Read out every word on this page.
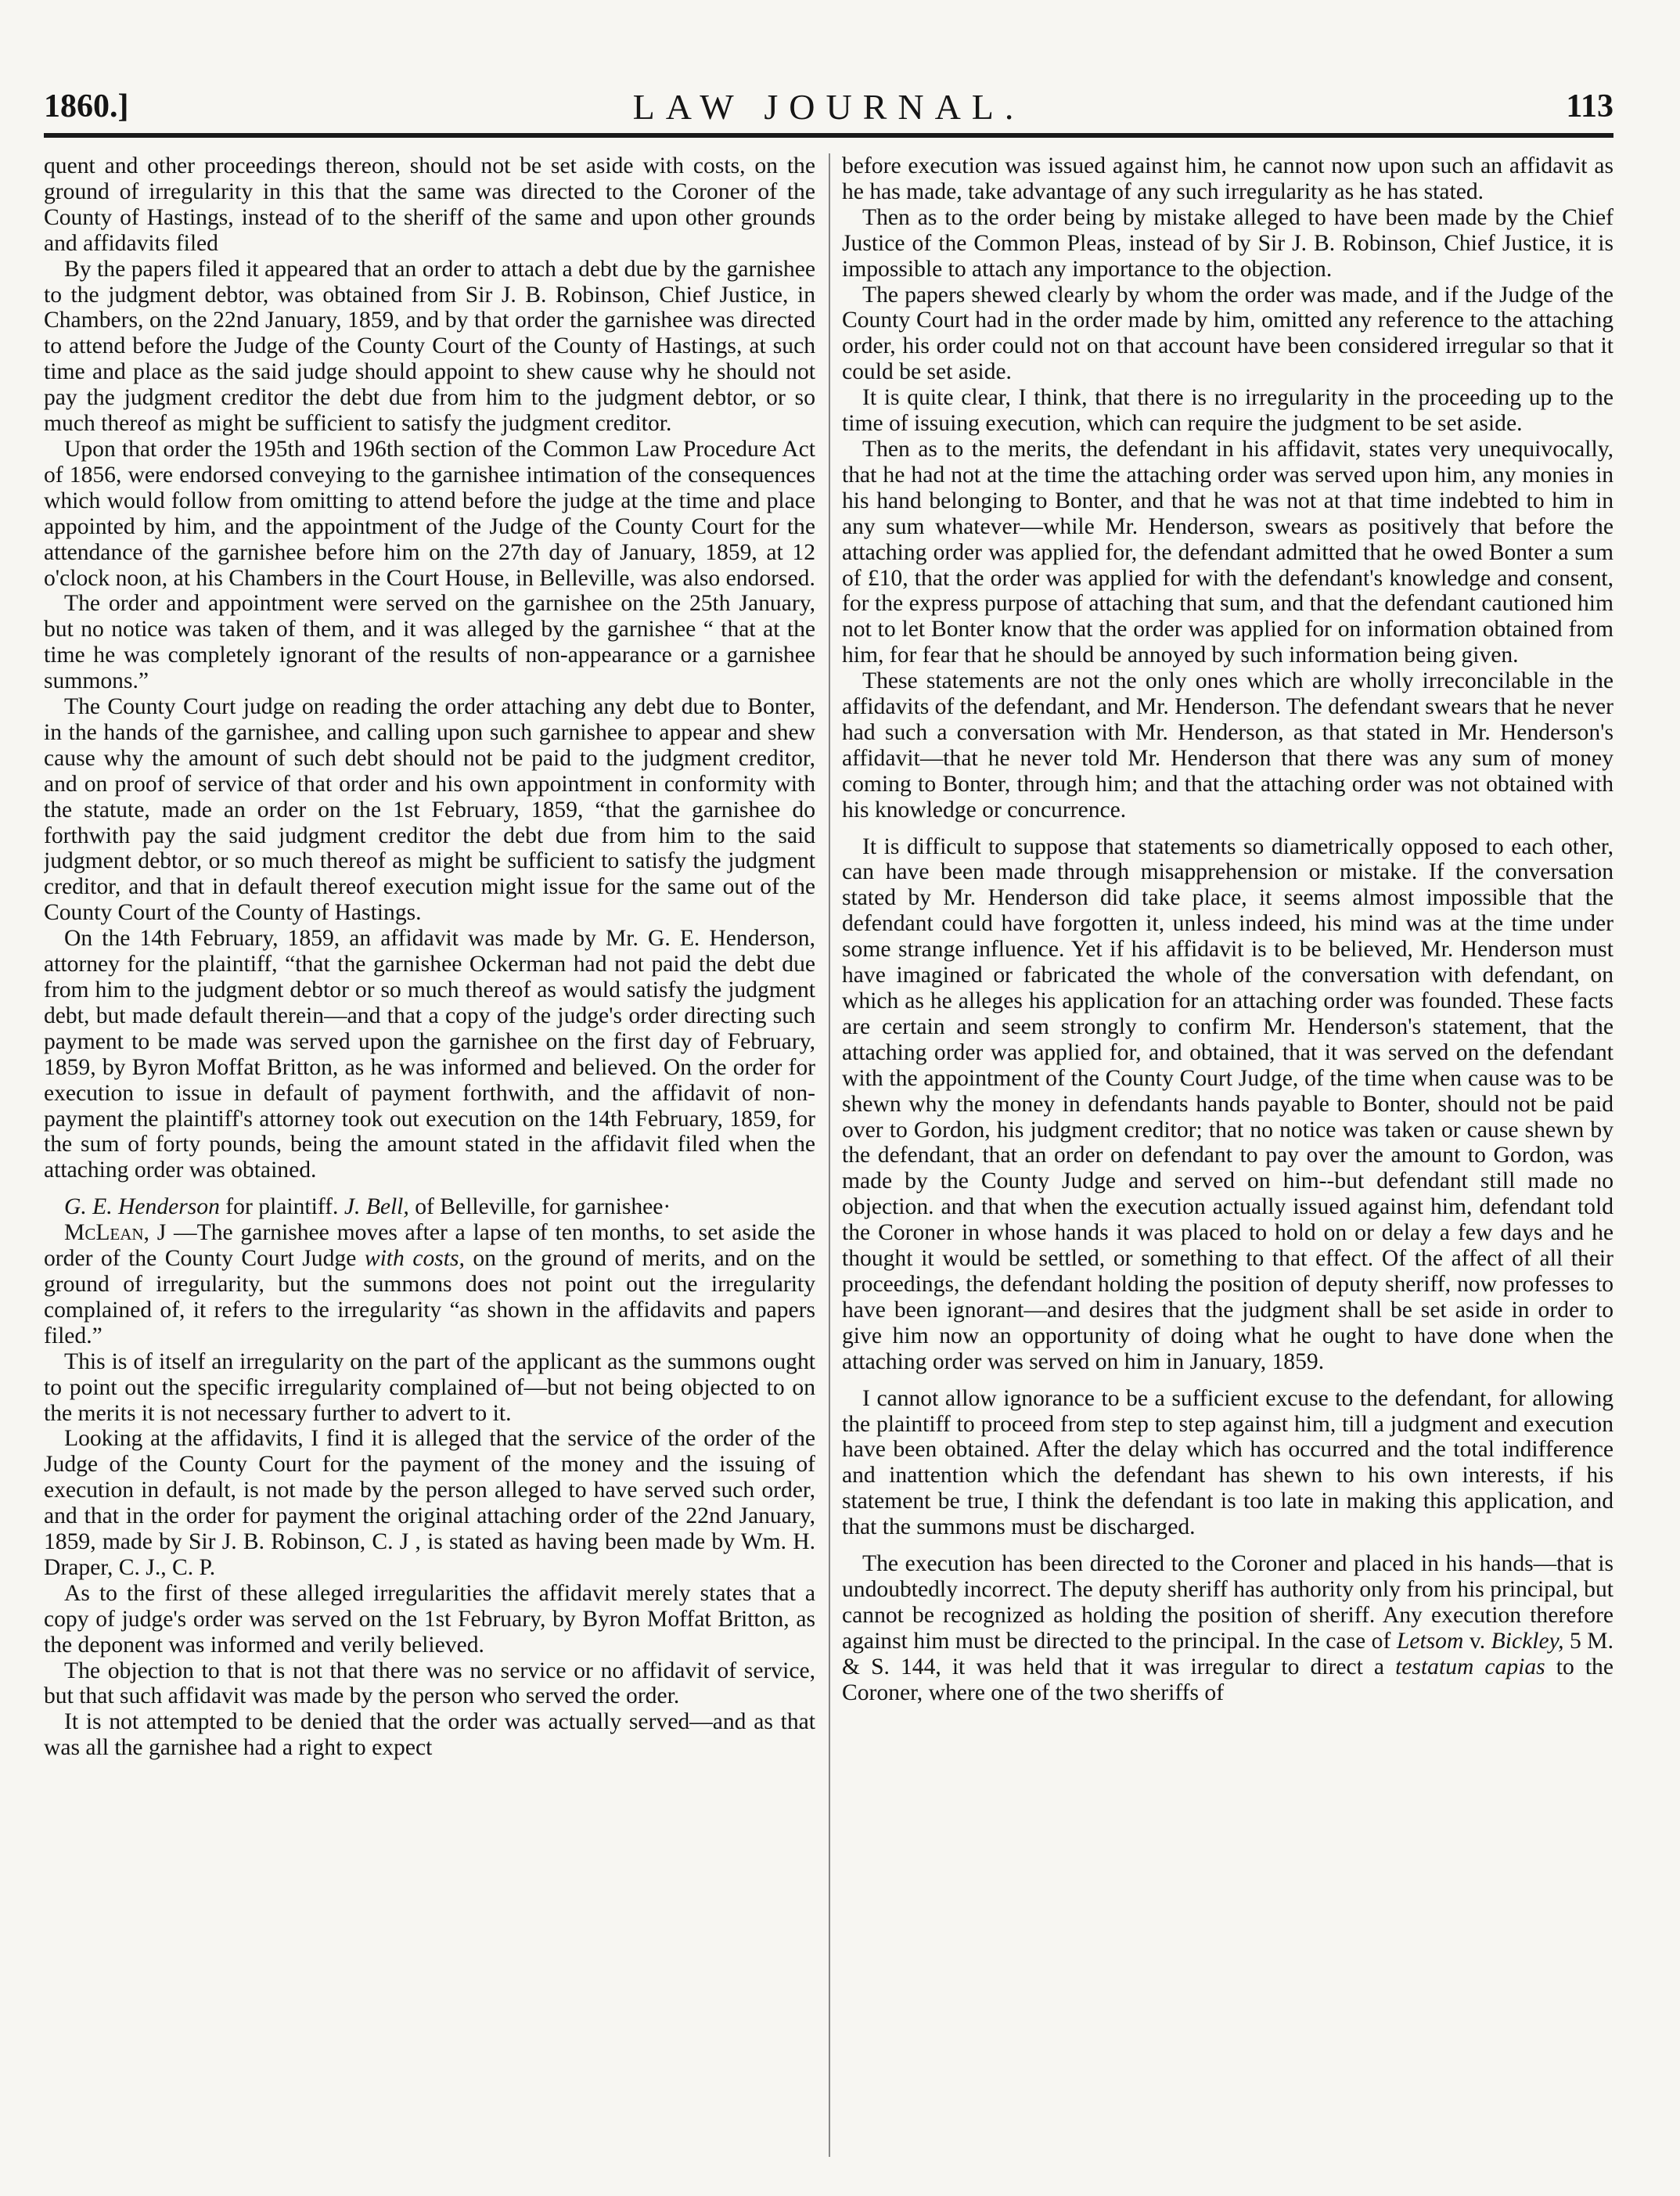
1860.]	LAW JOURNAL.	113

quent and other proceedings thereon, should not be set aside with costs, on the ground of irregularity in this that the same was directed to the Coroner of the County of Hastings, instead of to the sheriff of the same and upon other grounds and affidavits filed

By the papers filed it appeared that an order to attach a debt due by the garnishee to the judgment debtor, was obtained from Sir J. B. Robinson, Chief Justice, in Chambers, on the 22nd January, 1859, and by that order the garnishee was directed to attend before the Judge of the County Court of the County of Hastings, at such time and place as the said judge should appoint to shew cause why he should not pay the judgment creditor the debt due from him to the judgment debtor, or so much thereof as might be sufficient to satisfy the judgment creditor.

Upon that order the 195th and 196th section of the Common Law Procedure Act of 1856, were endorsed conveying to the garnishee intimation of the consequences which would follow from omitting to attend before the judge at the time and place appointed by him, and the appointment of the Judge of the County Court for the attendance of the garnishee before him on the 27th day of January, 1859, at 12 o'clock noon, at his Chambers in the Court House, in Belleville, was also endorsed.

The order and appointment were served on the garnishee on the 25th January, but no notice was taken of them, and it was alleged by the garnishee “ that at the time he was completely ignorant of the results of non-appearance or a garnishee summons.”

The County Court judge on reading the order attaching any debt due to Bonter, in the hands of the garnishee, and calling upon such garnishee to appear and shew cause why the amount of such debt should not be paid to the judgment creditor, and on proof of service of that order and his own appointment in conformity with the statute, made an order on the 1st February, 1859, “that the garnishee do forthwith pay the said judgment creditor the debt due from him to the said judgment debtor, or so much thereof as might be sufficient to satisfy the judgment creditor, and that in default thereof execution might issue for the same out of the County Court of the County of Hastings.

On the 14th February, 1859, an affidavit was made by Mr. G. E. Henderson, attorney for the plaintiff, “that the garnishee Ockerman had not paid the debt due from him to the judgment debtor or so much thereof as would satisfy the judgment debt, but made default therein—and that a copy of the judge's order directing such payment to be made was served upon the garnishee on the first day of February, 1859, by Byron Moffat Britton, as he was informed and believed. On the order for execution to issue in default of payment forthwith, and the affidavit of non-payment the plaintiff's attorney took out execution on the 14th February, 1859, for the sum of forty pounds, being the amount stated in the affidavit filed when the attaching order was obtained.

G. E. Henderson for plaintiff. J. Bell, of Belleville, for garnishee·

McLean, J —The garnishee moves after a lapse of ten months, to set aside the order of the County Court Judge with costs, on the ground of merits, and on the ground of irregularity, but the summons does not point out the irregularity complained of, it refers to the irregularity “as shown in the affidavits and papers filed.”

This is of itself an irregularity on the part of the applicant as the summons ought to point out the specific irregularity complained of—but not being objected to on the merits it is not necessary further to advert to it.

Looking at the affidavits, I find it is alleged that the service of the order of the Judge of the County Court for the payment of the money and the issuing of execution in default, is not made by the person alleged to have served such order, and that in the order for payment the original attaching order of the 22nd January, 1859, made by Sir J. B. Robinson, C. J , is stated as having been made by Wm. H. Draper, C. J., C. P.

As to the first of these alleged irregularities the affidavit merely states that a copy of judge's order was served on the 1st February, by Byron Moffat Britton, as the deponent was informed and verily believed.

The objection to that is not that there was no service or no affidavit of service, but that such affidavit was made by the person who served the order.

It is not attempted to be denied that the order was actually served—and as that was all the garnishee had a right to expect

before execution was issued against him, he cannot now upon such an affidavit as he has made, take advantage of any such irregularity as he has stated.

Then as to the order being by mistake alleged to have been made by the Chief Justice of the Common Pleas, instead of by Sir J. B. Robinson, Chief Justice, it is impossible to attach any importance to the objection.

The papers shewed clearly by whom the order was made, and if the Judge of the County Court had in the order made by him, omitted any reference to the attaching order, his order could not on that account have been considered irregular so that it could be set aside.

It is quite clear, I think, that there is no irregularity in the proceeding up to the time of issuing execution, which can require the judgment to be set aside.

Then as to the merits, the defendant in his affidavit, states very unequivocally, that he had not at the time the attaching order was served upon him, any monies in his hand belonging to Bonter, and that he was not at that time indebted to him in any sum whatever—while Mr. Henderson, swears as positively that before the attaching order was applied for, the defendant admitted that he owed Bonter a sum of £10, that the order was applied for with the defendant's knowledge and consent, for the express purpose of attaching that sum, and that the defendant cautioned him not to let Bonter know that the order was applied for on information obtained from him, for fear that he should be annoyed by such information being given.

These statements are not the only ones which are wholly irreconcilable in the affidavits of the defendant, and Mr. Henderson. The defendant swears that he never had such a conversation with Mr. Henderson, as that stated in Mr. Henderson's affidavit—that he never told Mr. Henderson that there was any sum of money coming to Bonter, through him; and that the attaching order was not obtained with his knowledge or concurrence.

It is difficult to suppose that statements so diametrically opposed to each other, can have been made through misapprehension or mistake. If the conversation stated by Mr. Henderson did take place, it seems almost impossible that the defendant could have forgotten it, unless indeed, his mind was at the time under some strange influence. Yet if his affidavit is to be believed, Mr. Henderson must have imagined or fabricated the whole of the conversation with defendant, on which as he alleges his application for an attaching order was founded. These facts are certain and seem strongly to confirm Mr. Henderson's statement, that the attaching order was applied for, and obtained, that it was served on the defendant with the appointment of the County Court Judge, of the time when cause was to be shewn why the money in defendants hands payable to Bonter, should not be paid over to Gordon, his judgment creditor; that no notice was taken or cause shewn by the defendant, that an order on defendant to pay over the amount to Gordon, was made by the County Judge and served on him--but defendant still made no objection. and that when the execution actually issued against him, defendant told the Coroner in whose hands it was placed to hold on or delay a few days and he thought it would be settled, or something to that effect. Of the affect of all their proceedings, the defendant holding the position of deputy sheriff, now professes to have been ignorant—and desires that the judgment shall be set aside in order to give him now an opportunity of doing what he ought to have done when the attaching order was served on him in January, 1859.

I cannot allow ignorance to be a sufficient excuse to the defendant, for allowing the plaintiff to proceed from step to step against him, till a judgment and execution have been obtained. After the delay which has occurred and the total indifference and inattention which the defendant has shewn to his own interests, if his statement be true, I think the defendant is too late in making this application, and that the summons must be discharged.

The execution has been directed to the Coroner and placed in his hands—that is undoubtedly incorrect. The deputy sheriff has authority only from his principal, but cannot be recognized as holding the position of sheriff. Any execution therefore against him must be directed to the principal. In the case of Letsom v. Bickley, 5 M. & S. 144, it was held that it was irregular to direct a testatum capias to the Coroner, where one of the two sheriffs of
